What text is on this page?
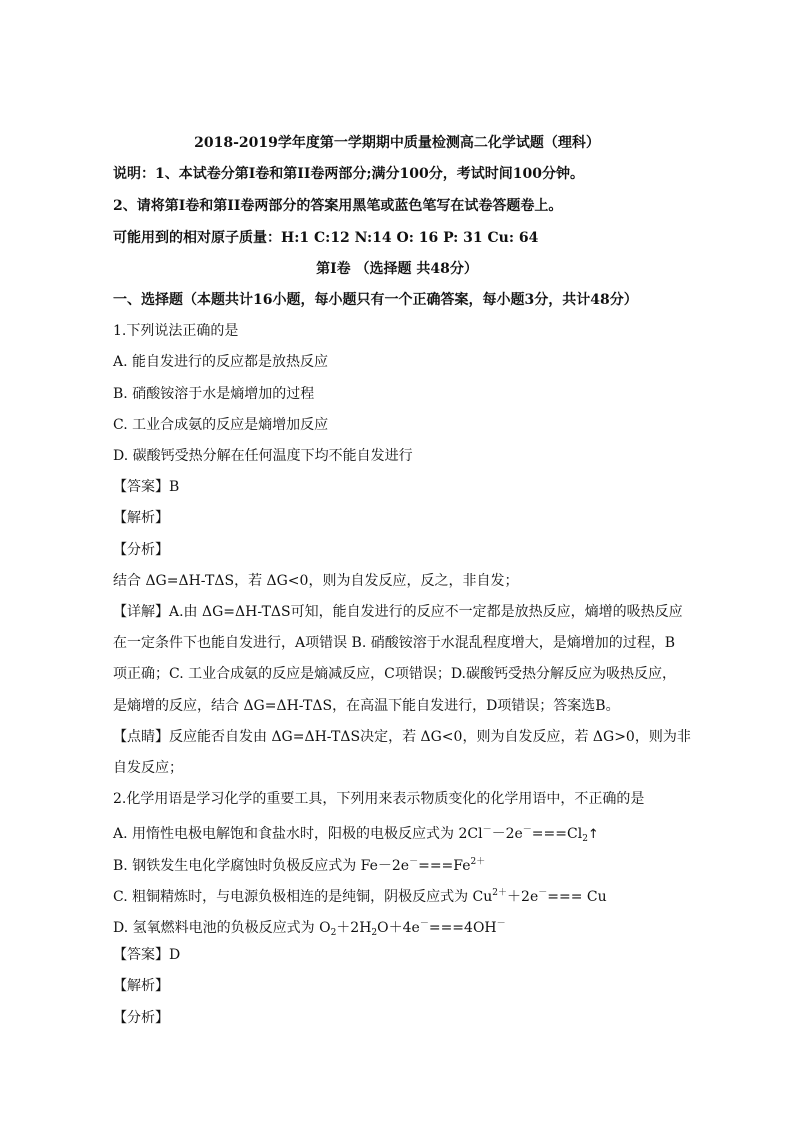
2018-2019学年度第一学期期中质量检测高二化学试题（理科）
说明：1、本试卷分第I卷和第II卷两部分;满分100分，考试时间100分钟。
2、请将第I卷和第II卷两部分的答案用黑笔或蓝色笔写在试卷答题卷上。
可能用到的相对原子质量：H:1 C:12 N:14 O: 16 P: 31 Cu: 64
第I卷 （选择题 共48分）
一、选择题（本题共计16小题，每小题只有一个正确答案，每小题3分，共计48分）
1.下列说法正确的是
A. 能自发进行的反应都是放热反应
B. 硝酸铵溶于水是熵增加的过程
C. 工业合成氨的反应是熵增加反应
D. 碳酸钙受热分解在任何温度下均不能自发进行
【答案】B
【解析】
【分析】
结合 ΔG=ΔH-TΔS，若 ΔG<0，则为自发反应，反之，非自发；
【详解】A.由 ΔG=ΔH-TΔS可知，能自发进行的反应不一定都是放热反应，熵增的吸热反应
在一定条件下也能自发进行，A项错误 B. 硝酸铵溶于水混乱程度增大，是熵增加的过程，B
项正确；C. 工业合成氨的反应是熵减反应，C项错误；D.碳酸钙受热分解反应为吸热反应，
是熵增的反应，结合 ΔG=ΔH-TΔS，在高温下能自发进行，D项错误；答案选B。
【点睛】反应能否自发由 ΔG=ΔH-TΔS决定，若 ΔG<0，则为自发反应，若 ΔG>0，则为非
自发反应；
2.化学用语是学习化学的重要工具，下列用来表示物质变化的化学用语中，不正确的是
A. 用惰性电极电解饱和食盐水时，阳极的电极反应式为 $2Cl^--2e^-===Cl_2↑$
B. 钢铁发生电化学腐蚀时负极反应式为 $Fe-2e^-===Fe^{2+}$
C. 粗铜精炼时，与电源负极相连的是纯铜，阴极反应式为 $Cu^{2+}+2e^-=== Cu$
D. 氢氧燃料电池的负极反应式为 $O_2+2H_2O+4e^-===4OH^-$
【答案】D
【解析】
【分析】
